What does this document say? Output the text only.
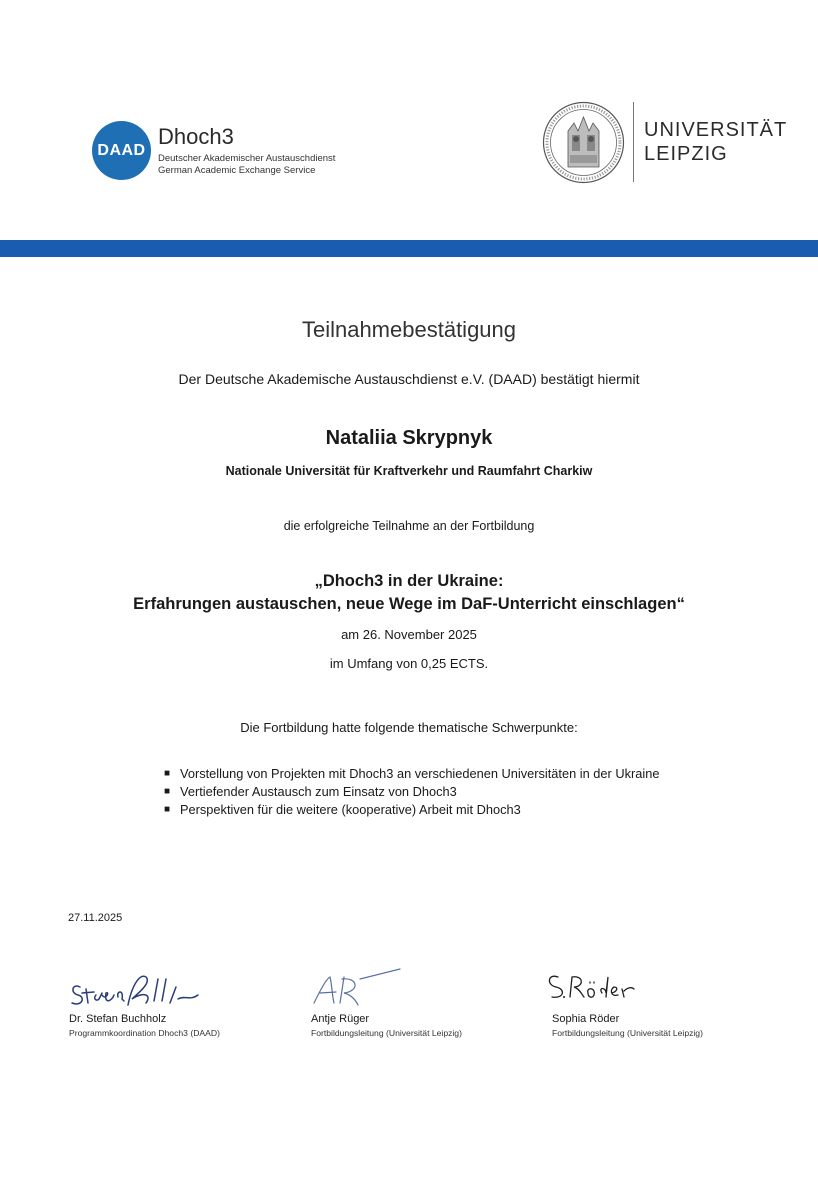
DAAD
Dhoch3
Deutscher Akademischer Austauschdienst
German Academic Exchange Service
UNIVERSITÄT
LEIPZIG
Teilnahmebestätigung
Der Deutsche Akademische Austauschdienst e.V. (DAAD) bestätigt hiermit
Nataliia Skrypnyk
Nationale Universität für Kraftverkehr und Raumfahrt Charkiw
die erfolgreiche Teilnahme an der Fortbildung
„Dhoch3 in der Ukraine:
Erfahrungen austauschen, neue Wege im DaF-Unterricht einschlagen“
am 26. November 2025
im Umfang von 0,25 ECTS.
Die Fortbildung hatte folgende thematische Schwerpunkte:
■ Vorstellung von Projekten mit Dhoch3 an verschiedenen Universitäten in der Ukraine
■ Vertiefender Austausch zum Einsatz von Dhoch3
■ Perspektiven für die weitere (kooperative) Arbeit mit Dhoch3
27.11.2025
Dr. Stefan Buchholz
Programmkoordination Dhoch3 (DAAD)
Antje Rüger
Fortbildungsleitung (Universität Leipzig)
Sophia Röder
Fortbildungsleitung (Universität Leipzig)
